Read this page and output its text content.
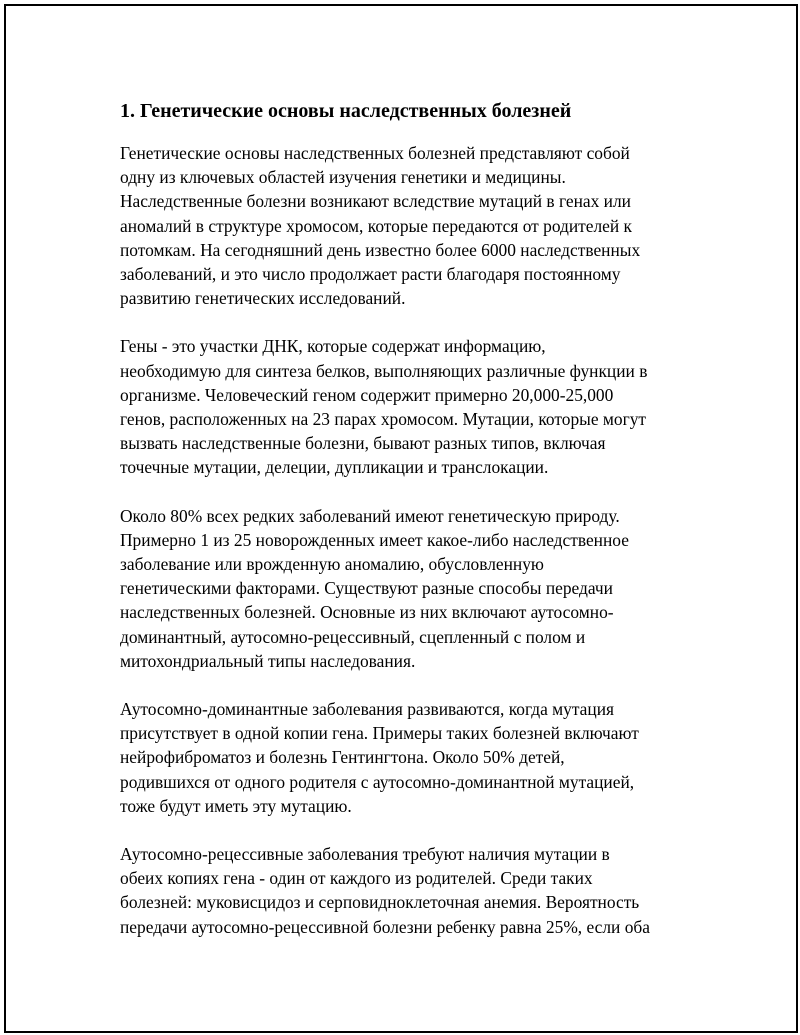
1. Генетические основы наследственных болезней

Генетические основы наследственных болезней представляют собой
одну из ключевых областей изучения генетики и медицины.
Наследственные болезни возникают вследствие мутаций в генах или
аномалий в структуре хромосом, которые передаются от родителей к
потомкам. На сегодняшний день известно более 6000 наследственных
заболеваний, и это число продолжает расти благодаря постоянному
развитию генетических исследований.

Гены - это участки ДНК, которые содержат информацию,
необходимую для синтеза белков, выполняющих различные функции в
организме. Человеческий геном содержит примерно 20,000-25,000
генов, расположенных на 23 парах хромосом. Мутации, которые могут
вызвать наследственные болезни, бывают разных типов, включая
точечные мутации, делеции, дупликации и транслокации.

Около 80% всех редких заболеваний имеют генетическую природу.
Примерно 1 из 25 новорожденных имеет какое-либо наследственное
заболевание или врожденную аномалию, обусловленную
генетическими факторами. Существуют разные способы передачи
наследственных болезней. Основные из них включают аутосомно-
доминантный, аутосомно-рецессивный, сцепленный с полом и
митохондриальный типы наследования.

Аутосомно-доминантные заболевания развиваются, когда мутация
присутствует в одной копии гена. Примеры таких болезней включают
нейрофиброматоз и болезнь Гентингтона. Около 50% детей,
родившихся от одного родителя с аутосомно-доминантной мутацией,
тоже будут иметь эту мутацию.

Аутосомно-рецессивные заболевания требуют наличия мутации в
обеих копиях гена - один от каждого из родителей. Среди таких
болезней: муковисцидоз и серповидноклеточная анемия. Вероятность
передачи аутосомно-рецессивной болезни ребенку равна 25%, если оба
